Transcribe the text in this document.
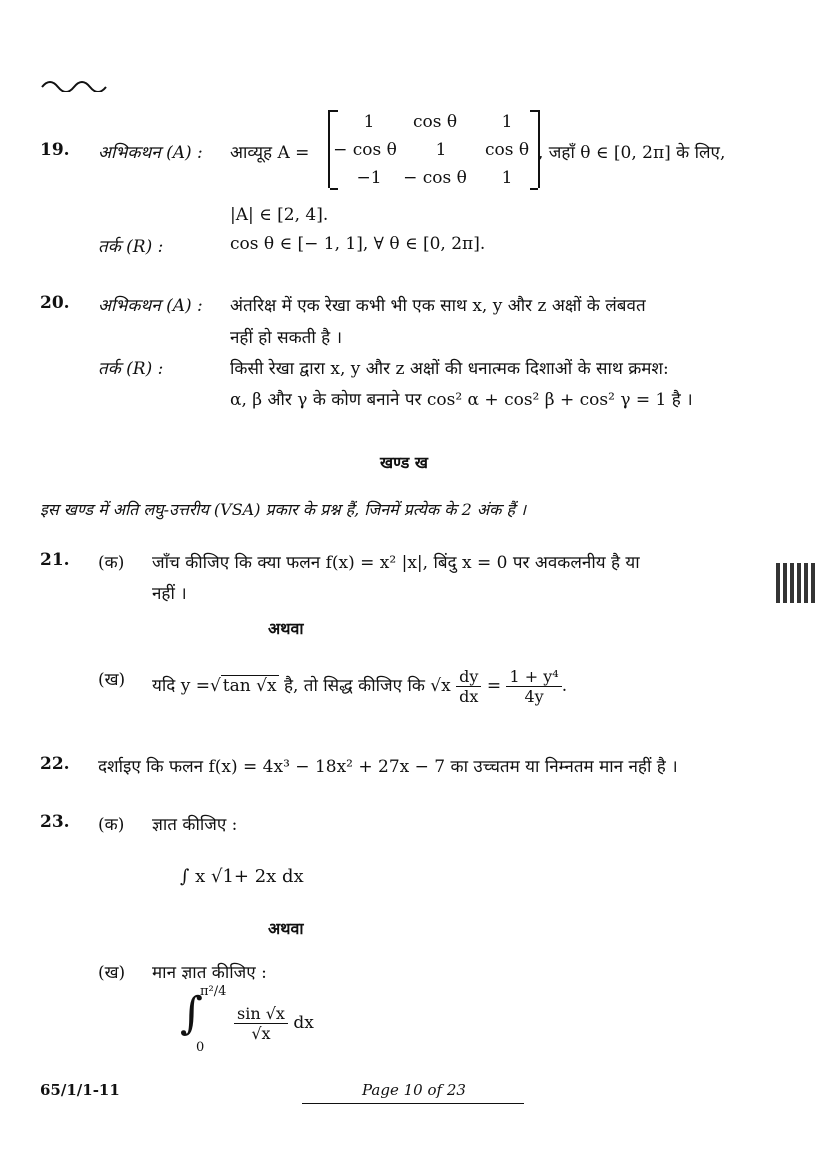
19. अभिकथन (A) : आव्यूह A =
1	cos θ	1
− cos θ	1	cos θ
−1	− cos θ	1
, जहाँ θ ∈ [0, 2π] के लिए,
|A| ∈ [2, 4].
तर्क (R) :	cos θ ∈ [− 1, 1], ∀ θ ∈ [0, 2π].
20. अभिकथन (A) : अंतरिक्ष में एक रेखा कभी भी एक साथ x, y और z अक्षों के लंबवत
नहीं हो सकती है ।
तर्क (R) :	किसी रेखा द्वारा x, y और z अक्षों की धनात्मक दिशाओं के साथ क्रमश:
α, β और γ के कोण बनाने पर cos² α + cos² β + cos² γ = 1 है ।
खण्ड ख
इस खण्ड में अति लघु-उत्तरीय (VSA) प्रकार के प्रश्न हैं, जिनमें प्रत्येक के 2 अंक हैं ।
21. (क) जाँच कीजिए कि क्या फलन f(x) = x² |x|, बिंदु x = 0 पर अवकलनीय है या
नहीं ।
अथवा
(ख) यदि y =√ tan √x है, तो सिद्ध कीजिए कि $√x \frac{dy}{dx} = \frac{\text{1 + y⁴}}{4y}$ .
22. दर्शाइए कि फलन f(x) = 4x³ − 18x² + 27x − 7 का उच्चतम या निम्नतम मान नहीं है ।
23. (क) ज्ञात कीजिए :
∫ x √1+ 2x dx
अथवा
(ख) मान ज्ञात कीजिए :
∫
π²/4
0
$\frac{\sin √x}{√x}$ dx
65/1/1-11	Page 10 of 23
